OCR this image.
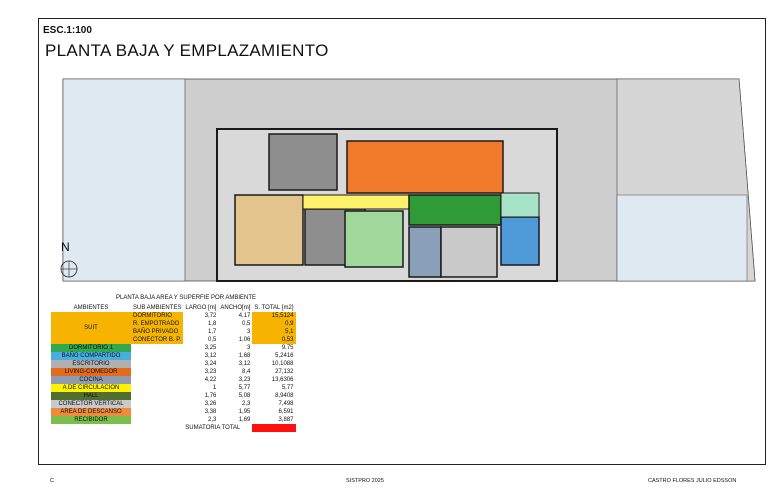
ESC.1:100
PLANTA BAJA Y EMPLAZAMIENTO
N
PLANTA BAJA AREA Y SUPERFIE POR AMBIENTE
AMBIENTES	SUB AMBIENTES	LARGO [m]	ANCHO[m]	S. TOTAL [m2]
SUIT	DORMITORIO	3,72	4,17	15,5124
	R. EMPOTRADO	1,8	0,5	0,9
	BAÑO PRIVADO	1,7	3	5,1
	CONECTOR B. P.	0,5	1,06	0,53
DORMITORIO 1		3,25	3	9,75
BAÑO COMPARTIDO		3,12	1,68	5,2416
ESCRITORIO		3,24	3,12	10,1088
LIVING-COMEDOR		3,23	8,4	27,132
COCINA		4,22	3,23	13,6306
A DE CIRCULACION		1	5,77	5,77
HALL		1,76	5,08	8,9408
CONECTOR VERTICAL		3,26	2,3	7,498
AREA DE DESCANSO		3,38	1,95	6,591
RECIBIDOR		2,3	1,69	3,887
SUMATORIA TOTAL				120,5902
C	SISTPRO 2025	CASTRO FLORES JULIO EDSSON
